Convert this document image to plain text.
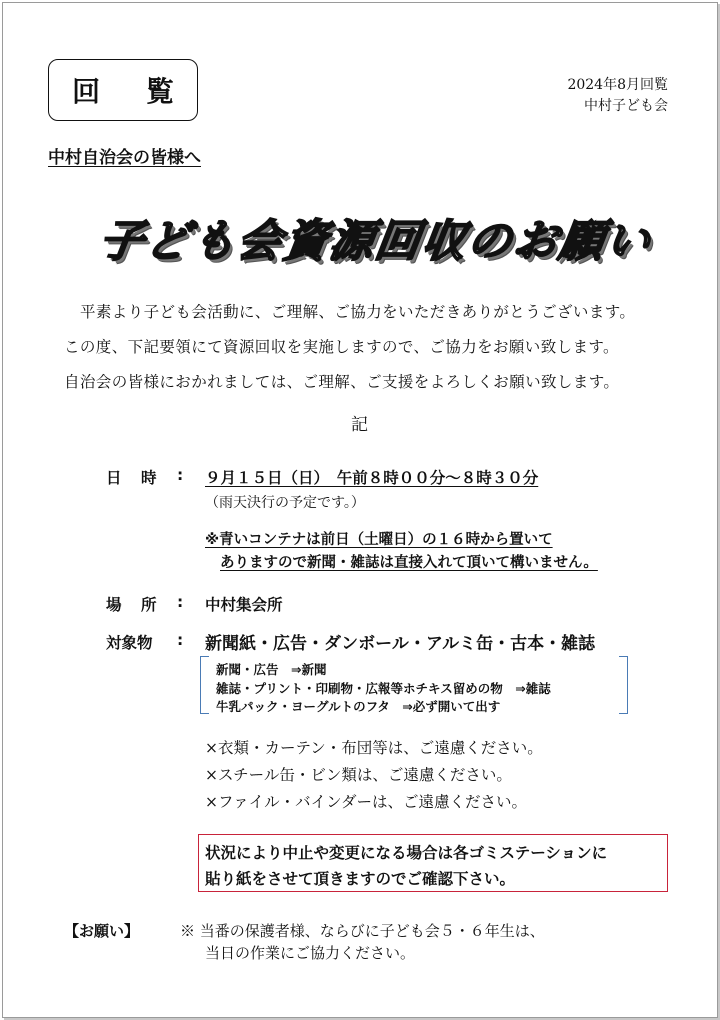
回 覧	2024年8月回覧
中村子ども会
中村自治会の皆様へ
子ども会資源回収のお願い
平素より子ども会活動に、ご理解、ご協力をいただきありがとうございます。
この度、下記要領にて資源回収を実施しますので、ご協力をお願い致します。
自治会の皆様におかれましては、ご理解、ご支援をよろしくお願い致します。
記
日　時 : ９月１５日（日）　午前８時００分～８時３０分
（雨天決行の予定です。）
※青いコンテナは前日（土曜日）の１６時から置いて
ありますので新聞・雑誌は直接入れて頂いて構いません。
場　所 : 中村集会所
対象物 : 新聞紙・広告・ダンボール・アルミ缶・古本・雑誌
新聞・広告　⇒新聞
雑誌・プリント・印刷物・広報等ホチキス留めの物　⇒雑誌
牛乳パック・ヨーグルトのフタ　⇒必ず開いて出す
×衣類・カーテン・布団等は、ご遠慮ください。
×スチール缶・ビン類は、ご遠慮ください。
×ファイル・バインダーは、ご遠慮ください。
状況により中止や変更になる場合は各ゴミステーションに
貼り紙をさせて頂きますのでご確認下さい。
【お願い】	※ 当番の保護者様、ならびに子ども会５・６年生は、
当日の作業にご協力ください。
